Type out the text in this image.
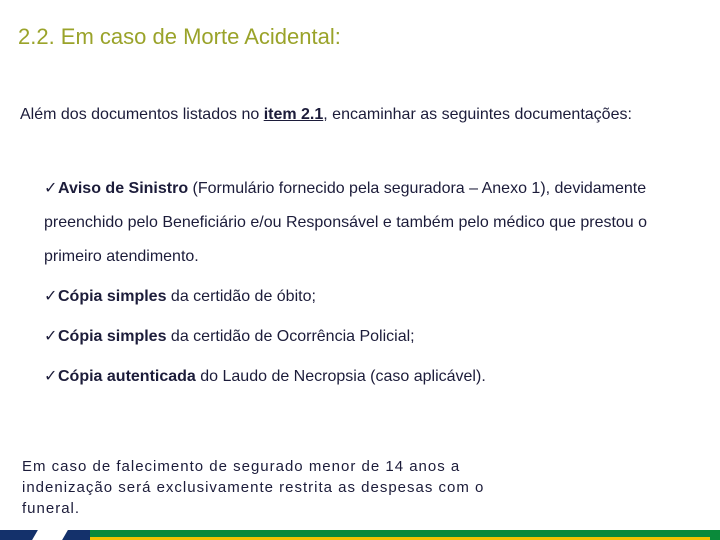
2.2. Em caso de Morte Acidental:
Além dos documentos listados no item 2.1, encaminhar as seguintes documentações:
✓Aviso de Sinistro (Formulário fornecido pela seguradora – Anexo 1), devidamente preenchido pelo Beneficiário e/ou Responsável e também pelo médico que prestou o primeiro atendimento.
✓Cópia simples da certidão de óbito;
✓Cópia simples da certidão de Ocorrência Policial;
✓Cópia autenticada do Laudo de Necropsia (caso aplicável).
Em caso de falecimento de segurado menor de 14 anos a indenização será exclusivamente restrita as despesas com o funeral.
